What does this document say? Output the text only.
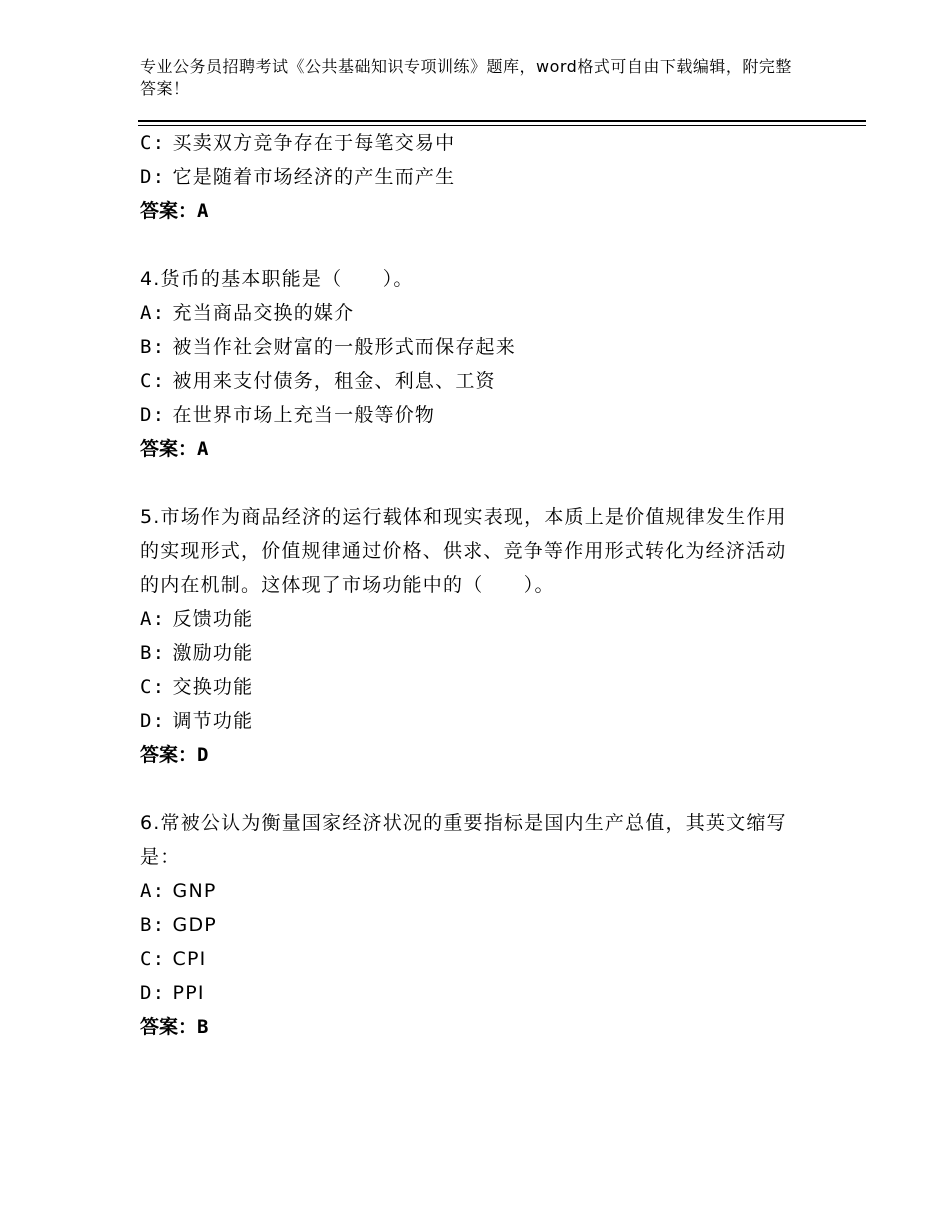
专业公务员招聘考试《公共基础知识专项训练》题库，word格式可自由下载编辑，附完整答案！
C: 买卖双方竞争存在于每笔交易中
D: 它是随着市场经济的产生而产生
答案：A
4.货币的基本职能是（　　）。
A: 充当商品交换的媒介
B: 被当作社会财富的一般形式而保存起来
C: 被用来支付债务，租金、利息、工资
D: 在世界市场上充当一般等价物
答案：A
5.市场作为商品经济的运行载体和现实表现，本质上是价值规律发生作用的实现形式，价值规律通过价格、供求、竞争等作用形式转化为经济活动的内在机制。这体现了市场功能中的（　　）。
A: 反馈功能
B: 激励功能
C: 交换功能
D: 调节功能
答案：D
6.常被公认为衡量国家经济状况的重要指标是国内生产总值，其英文缩写是：
A: GNP
B: GDP
C: CPI
D: PPI
答案：B
